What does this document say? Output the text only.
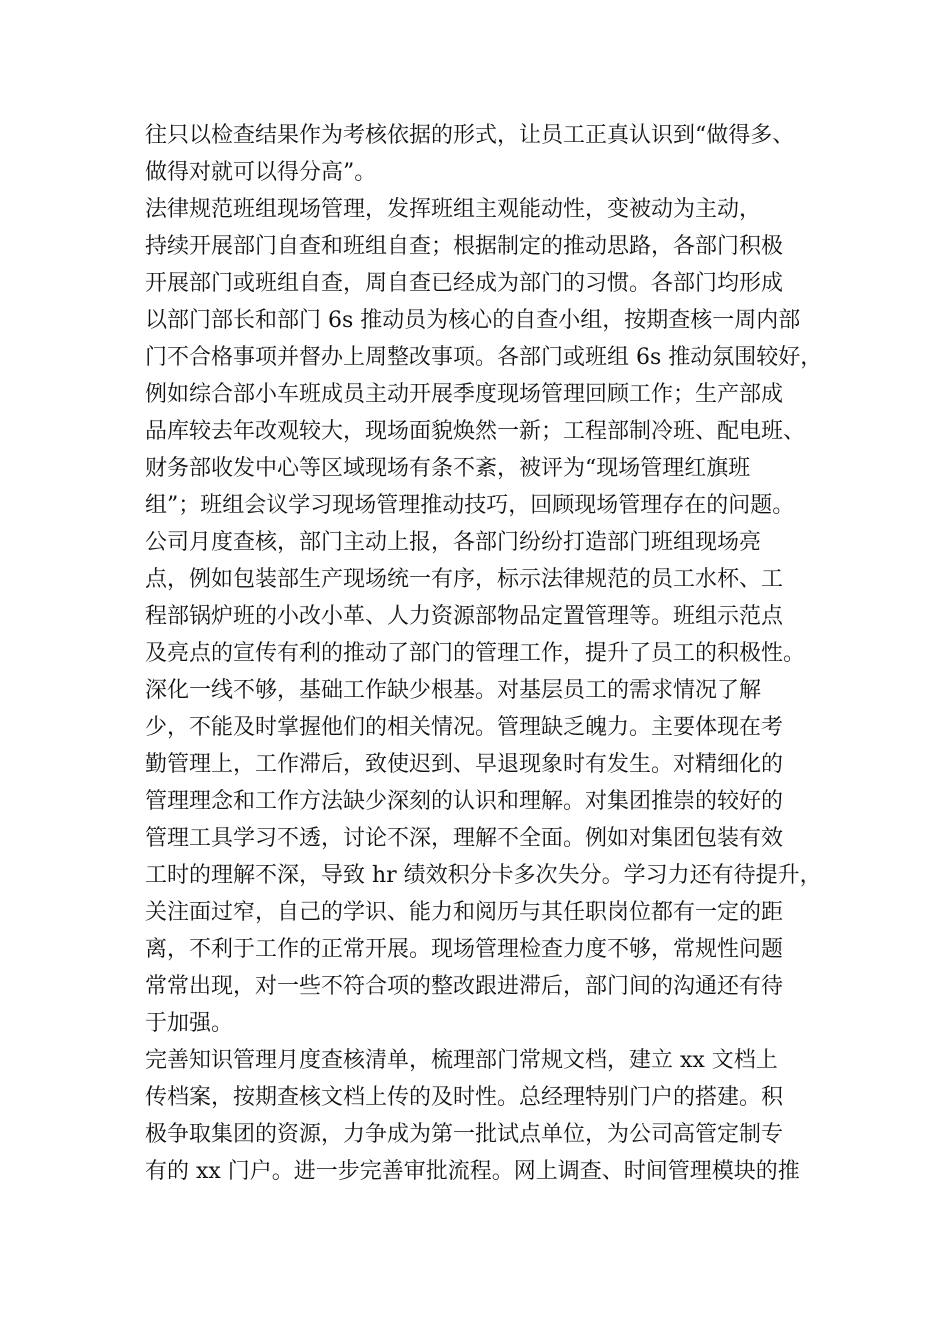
往只以检查结果作为考核依据的形式，让员工正真认识到“做得多、
做得对就可以得分高”。
法律规范班组现场管理，发挥班组主观能动性，变被动为主动，
持续开展部门自查和班组自查；根据制定的推动思路，各部门积极
开展部门或班组自查，周自查已经成为部门的习惯。各部门均形成
以部门部长和部门 6s 推动员为核心的自查小组，按期查核一周内部
门不合格事项并督办上周整改事项。各部门或班组 6s 推动氛围较好，
例如综合部小车班成员主动开展季度现场管理回顾工作；生产部成
品库较去年改观较大，现场面貌焕然一新；工程部制冷班、配电班、
财务部收发中心等区域现场有条不紊，被评为“现场管理红旗班
组”；班组会议学习现场管理推动技巧，回顾现场管理存在的问题。
公司月度查核，部门主动上报，各部门纷纷打造部门班组现场亮
点，例如包装部生产现场统一有序，标示法律规范的员工水杯、工
程部锅炉班的小改小革、人力资源部物品定置管理等。班组示范点
及亮点的宣传有利的推动了部门的管理工作，提升了员工的积极性。
深化一线不够，基础工作缺少根基。对基层员工的需求情况了解
少，不能及时掌握他们的相关情况。管理缺乏魄力。主要体现在考
勤管理上，工作滞后，致使迟到、早退现象时有发生。对精细化的
管理理念和工作方法缺少深刻的认识和理解。对集团推崇的较好的
管理工具学习不透，讨论不深，理解不全面。例如对集团包装有效
工时的理解不深，导致 hr 绩效积分卡多次失分。学习力还有待提升，
关注面过窄，自己的学识、能力和阅历与其任职岗位都有一定的距
离，不利于工作的正常开展。现场管理检查力度不够，常规性问题
常常出现，对一些不符合项的整改跟进滞后，部门间的沟通还有待
于加强。
完善知识管理月度查核清单，梳理部门常规文档，建立 xx 文档上
传档案，按期查核文档上传的及时性。总经理特别门户的搭建。积
极争取集团的资源，力争成为第一批试点单位，为公司高管定制专
有的 xx 门户。进一步完善审批流程。网上调查、时间管理模块的推
